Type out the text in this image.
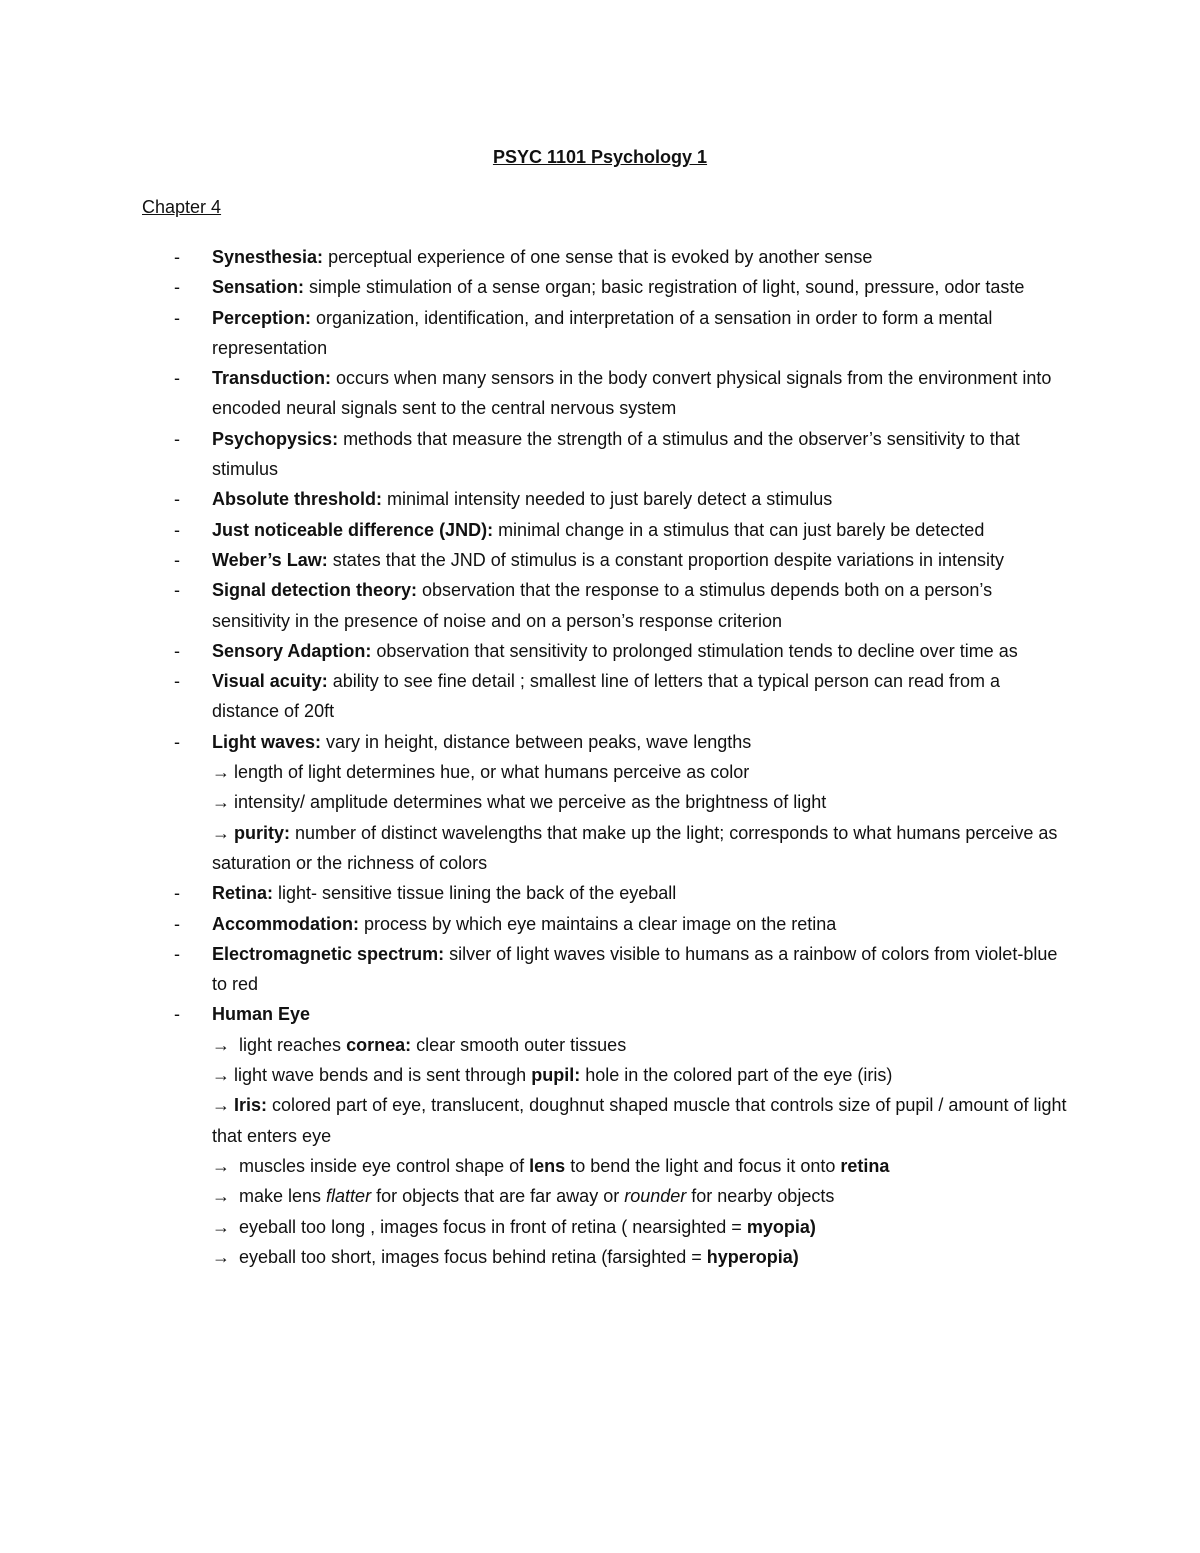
PSYC 1101 Psychology 1

Chapter 4

- Synesthesia: perceptual experience of one sense that is evoked by another sense
- Sensation: simple stimulation of a sense organ; basic registration of light, sound, pressure, odor taste
- Perception: organization, identification, and interpretation of a sensation in order to form a mental representation
- Transduction: occurs when many sensors in the body convert physical signals from the environment into encoded neural signals sent to the central nervous system
- Psychopysics: methods that measure the strength of a stimulus and the observer’s sensitivity to that stimulus
- Absolute threshold: minimal intensity needed to just barely detect a stimulus
- Just noticeable difference (JND): minimal change in a stimulus that can just barely be detected
- Weber’s Law: states that the JND of stimulus is a constant proportion despite variations in intensity
- Signal detection theory: observation that the response to a stimulus depends both on a person’s sensitivity in the presence of noise and on a person’s response criterion
- Sensory Adaption: observation that sensitivity to prolonged stimulation tends to decline over time as
- Visual acuity: ability to see fine detail ; smallest line of letters that a typical person can read from a distance of 20ft
- Light waves: vary in height, distance between peaks, wave lengths
→ length of light determines hue, or what humans perceive as color
→ intensity/ amplitude determines what we perceive as the brightness of light
→ purity: number of distinct wavelengths that make up the light; corresponds to what humans perceive as saturation or the richness of colors
- Retina: light- sensitive tissue lining the back of the eyeball
- Accommodation: process by which eye maintains a clear image on the retina
- Electromagnetic spectrum: silver of light waves visible to humans as a rainbow of colors from violet-blue to red
- Human Eye
→ light reaches cornea: clear smooth outer tissues
→ light wave bends and is sent through pupil: hole in the colored part of the eye (iris)
→ Iris: colored part of eye, translucent, doughnut shaped muscle that controls size of pupil / amount of light that enters eye
→ muscles inside eye control shape of lens to bend the light and focus it onto retina
→ make lens flatter for objects that are far away or rounder for nearby objects
→ eyeball too long , images focus in front of retina ( nearsighted = myopia)
→ eyeball too short, images focus behind retina (farsighted = hyperopia)
